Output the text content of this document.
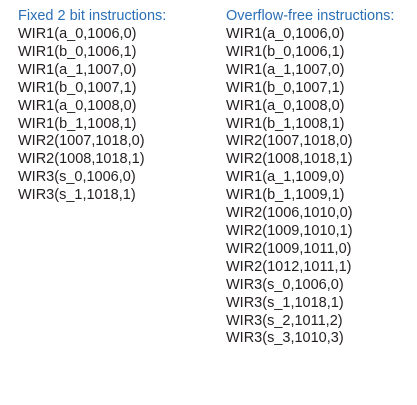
Fixed 2 bit instructions:
WIR1(a_0,1006,0)
WIR1(b_0,1006,1)
WIR1(a_1,1007,0)
WIR1(b_0,1007,1)
WIR1(a_0,1008,0)
WIR1(b_1,1008,1)
WIR2(1007,1018,0)
WIR2(1008,1018,1)
WIR3(s_0,1006,0)
WIR3(s_1,1018,1)
Overflow-free instructions:
WIR1(a_0,1006,0)
WIR1(b_0,1006,1)
WIR1(a_1,1007,0)
WIR1(b_0,1007,1)
WIR1(a_0,1008,0)
WIR1(b_1,1008,1)
WIR2(1007,1018,0)
WIR2(1008,1018,1)
WIR1(a_1,1009,0)
WIR1(b_1,1009,1)
WIR2(1006,1010,0)
WIR2(1009,1010,1)
WIR2(1009,1011,0)
WIR2(1012,1011,1)
WIR3(s_0,1006,0)
WIR3(s_1,1018,1)
WIR3(s_2,1011,2)
WIR3(s_3,1010,3)
